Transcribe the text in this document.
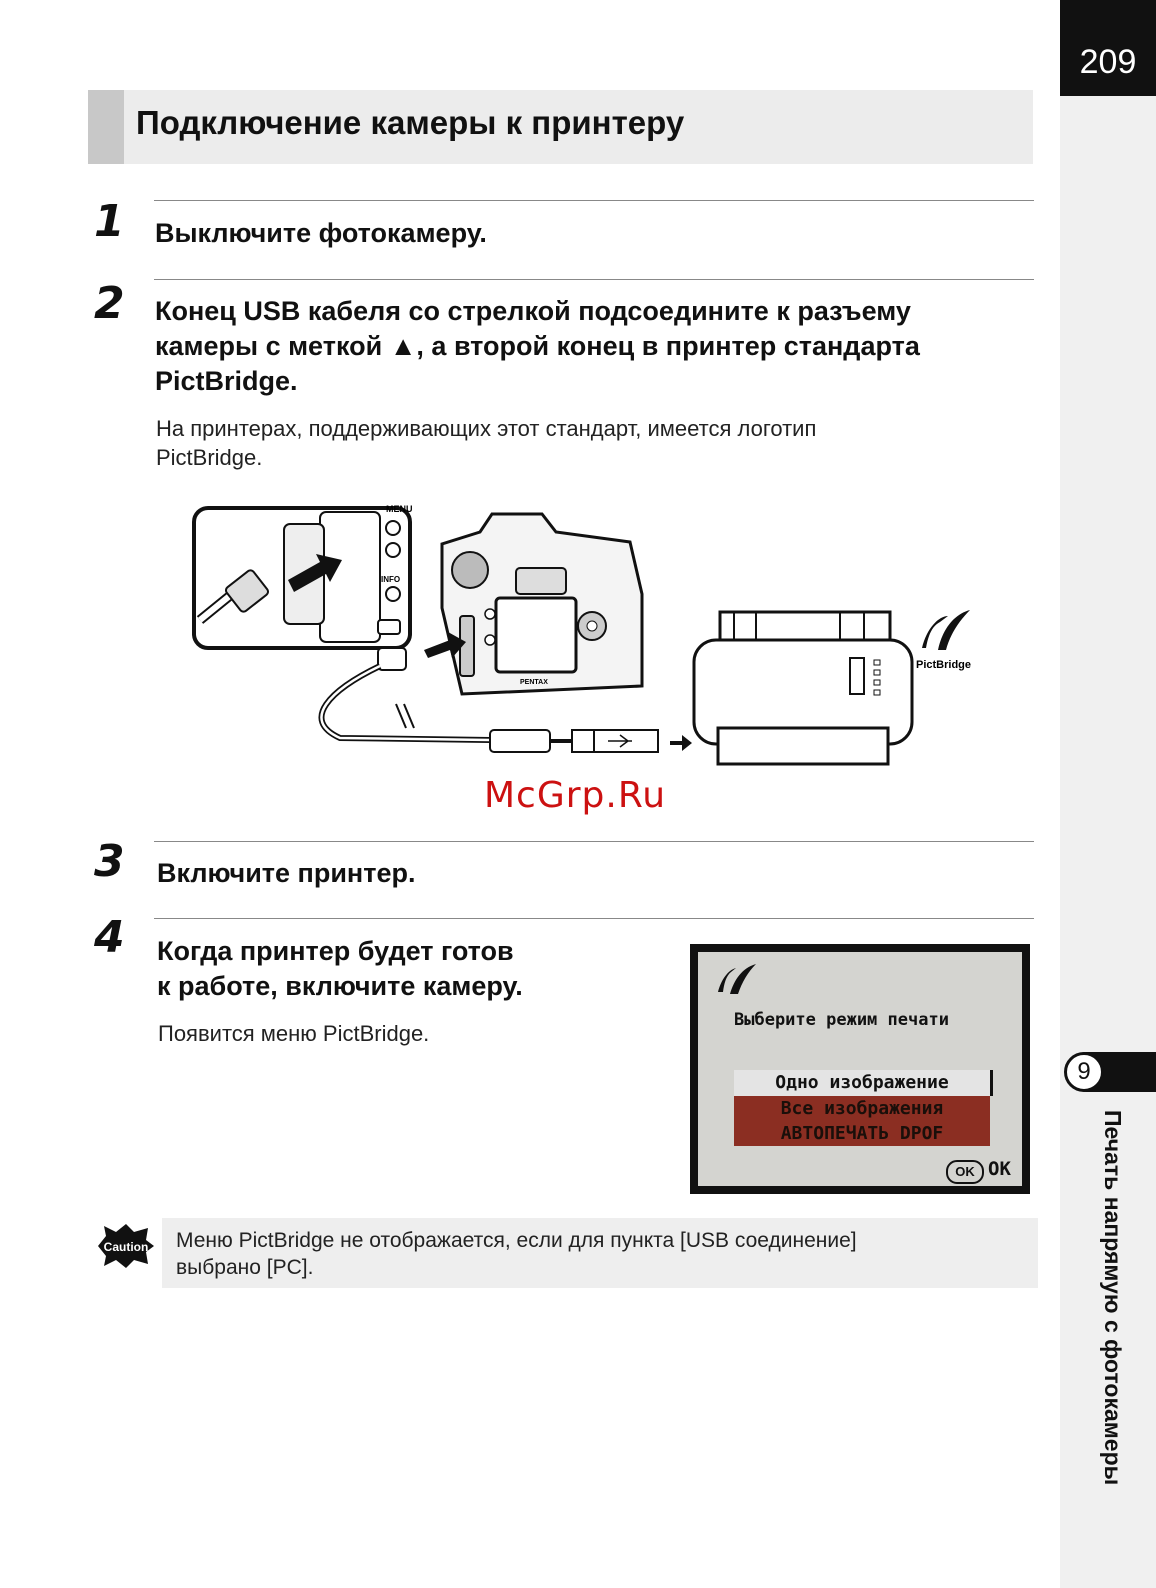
209
9
Печать напрямую с фотокамеры
Подключение камеры к принтеру
1 Выключите фотокамеру.
2 Конец USB кабеля со стрелкой подсоедините к разъему
камеры с меткой ▲, а второй конец в принтер стандарта
PictBridge.
На принтерах, поддерживающих этот стандарт, имеется логотип
PictBridge.
MENU
INFO
PENTAX
PictBridge
McGrp.Ru
3 Включите принтер.
4 Когда принтер будет готов
к работе, включите камеру.
Появится меню PictBridge.
Выберите режим печати
Одно изображение
Все изображения
АВТОПЕЧАТЬ DPOF
OK OK
Caution Меню PictBridge не отображается, если для пункта [USB соединение]
выбрано [PC].
